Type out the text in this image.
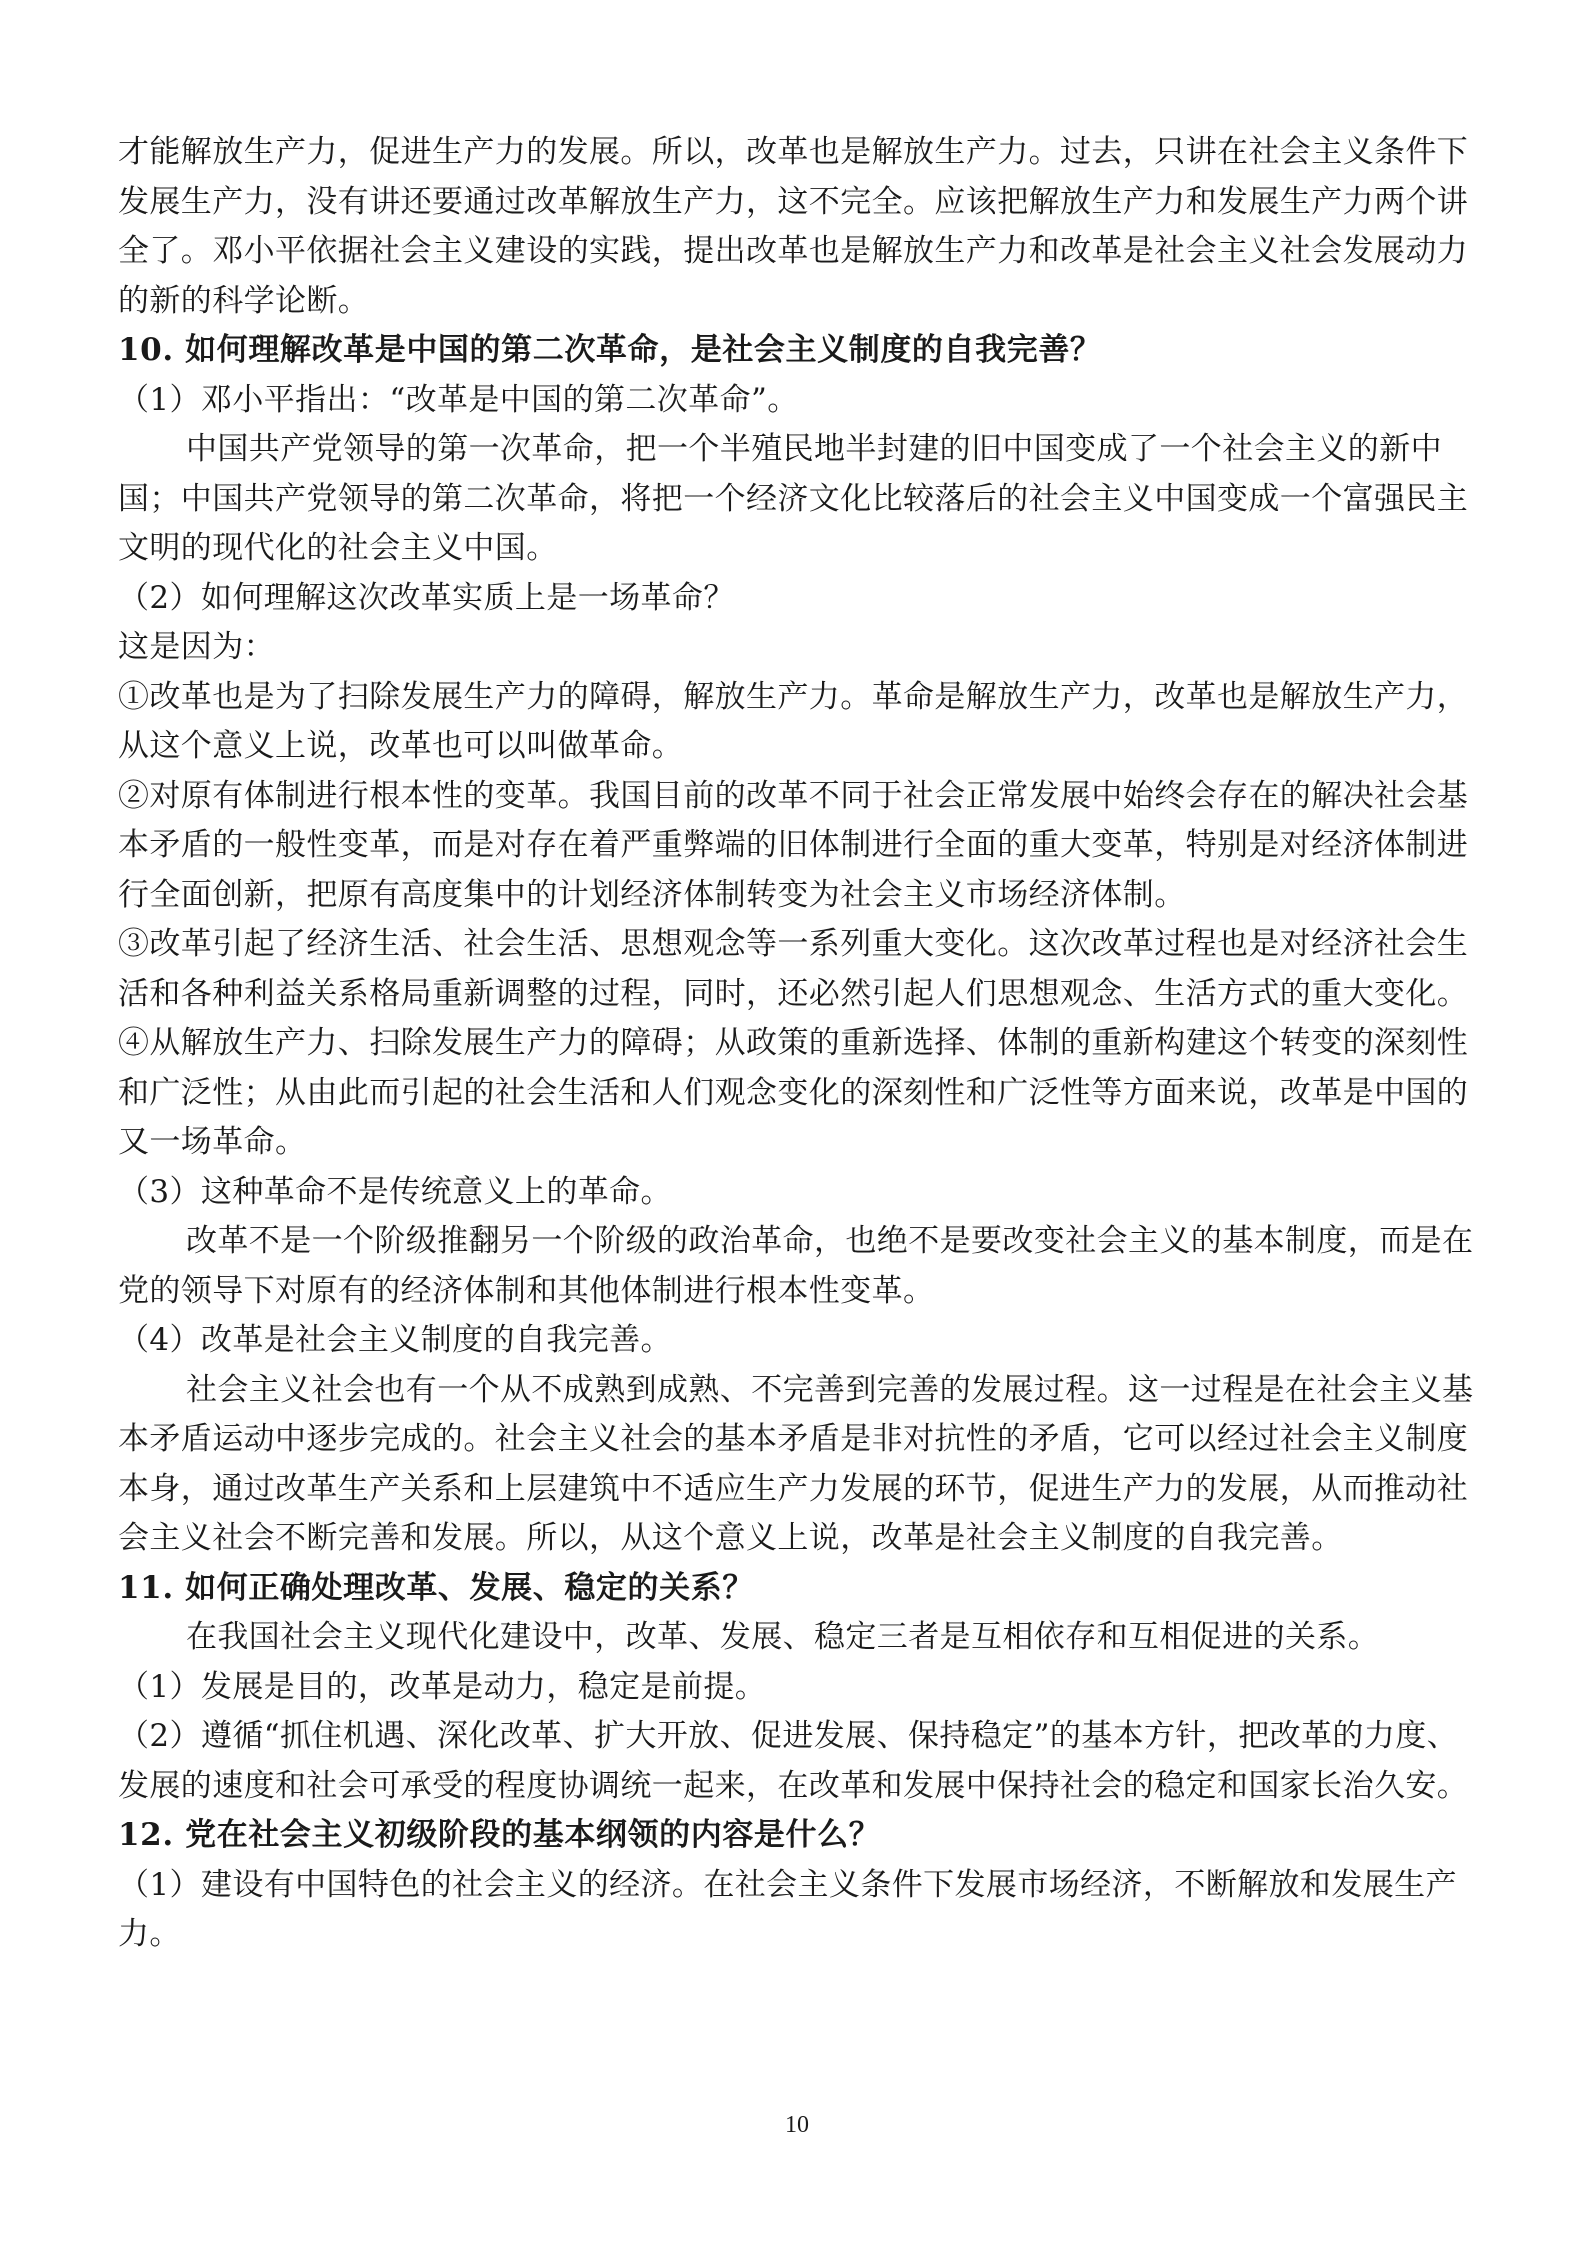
才能解放生产力，促进生产力的发展。所以，改革也是解放生产力。过去，只讲在社会主义条件下
发展生产力，没有讲还要通过改革解放生产力，这不完全。应该把解放生产力和发展生产力两个讲
全了。邓小平依据社会主义建设的实践，提出改革也是解放生产力和改革是社会主义社会发展动力
的新的科学论断。
10. 如何理解改革是中国的第二次革命，是社会主义制度的自我完善？
（1）邓小平指出：“改革是中国的第二次革命”。
中国共产党领导的第一次革命，把一个半殖民地半封建的旧中国变成了一个社会主义的新中
国；中国共产党领导的第二次革命，将把一个经济文化比较落后的社会主义中国变成一个富强民主
文明的现代化的社会主义中国。
（2）如何理解这次改革实质上是一场革命？
这是因为：
①改革也是为了扫除发展生产力的障碍，解放生产力。革命是解放生产力，改革也是解放生产力，
从这个意义上说，改革也可以叫做革命。
②对原有体制进行根本性的变革。我国目前的改革不同于社会正常发展中始终会存在的解决社会基
本矛盾的一般性变革，而是对存在着严重弊端的旧体制进行全面的重大变革，特别是对经济体制进
行全面创新，把原有高度集中的计划经济体制转变为社会主义市场经济体制。
③改革引起了经济生活、社会生活、思想观念等一系列重大变化。这次改革过程也是对经济社会生
活和各种利益关系格局重新调整的过程，同时，还必然引起人们思想观念、生活方式的重大变化。
④从解放生产力、扫除发展生产力的障碍；从政策的重新选择、体制的重新构建这个转变的深刻性
和广泛性；从由此而引起的社会生活和人们观念变化的深刻性和广泛性等方面来说，改革是中国的
又一场革命。
（3）这种革命不是传统意义上的革命。
改革不是一个阶级推翻另一个阶级的政治革命，也绝不是要改变社会主义的基本制度，而是在
党的领导下对原有的经济体制和其他体制进行根本性变革。
（4）改革是社会主义制度的自我完善。
社会主义社会也有一个从不成熟到成熟、不完善到完善的发展过程。这一过程是在社会主义基
本矛盾运动中逐步完成的。社会主义社会的基本矛盾是非对抗性的矛盾，它可以经过社会主义制度
本身，通过改革生产关系和上层建筑中不适应生产力发展的环节，促进生产力的发展，从而推动社
会主义社会不断完善和发展。所以，从这个意义上说，改革是社会主义制度的自我完善。
11. 如何正确处理改革、发展、稳定的关系？
在我国社会主义现代化建设中，改革、发展、稳定三者是互相依存和互相促进的关系。
（1）发展是目的，改革是动力，稳定是前提。
（2）遵循“抓住机遇、深化改革、扩大开放、促进发展、保持稳定”的基本方针，把改革的力度、
发展的速度和社会可承受的程度协调统一起来，在改革和发展中保持社会的稳定和国家长治久安。
12. 党在社会主义初级阶段的基本纲领的内容是什么？
（1）建设有中国特色的社会主义的经济。在社会主义条件下发展市场经济，不断解放和发展生产
力。
10
